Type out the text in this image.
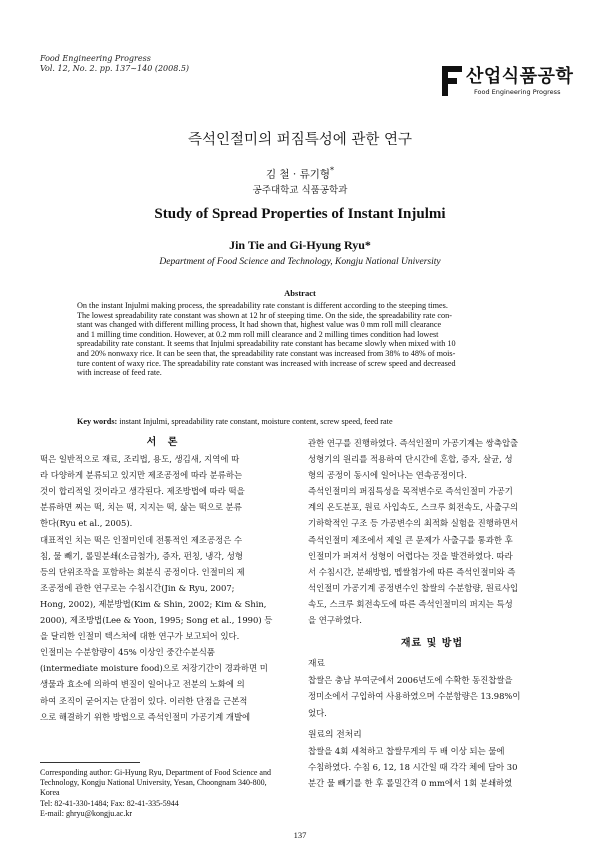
Food Engineering Progress
Vol. 12, No. 2. pp. 137~140 (2008.5)	산업식품공학
Food Engineering Progress
즉석인절미의 퍼짐특성에 관한 연구
김 철 · 류기형*
공주대학교 식품공학과
Study of Spread Properties of Instant Injulmi
Jin Tie and Gi-Hyung Ryu*
Department of Food Science and Technology, Kongju National University
Abstract
On the instant Injulmi making process, the spreadability rate constant is different according to the steeping times.
The lowest spreadability rate constant was shown at 12 hr of steeping time. On the side, the spreadability rate con-
stant was changed with different milling process, It had shown that, highest value was 0 mm roll mill clearance
and 1 milling time condition. However, at 0.2 mm roll mill clearance and 2 milling times condition had lowest
spreadability rate constant. It seems that Injulmi spreadability rate constant has became slowly when mixed with 10
and 20% nonwaxy rice. It can be seen that, the spreadability rate constant was increased from 38% to 48% of mois-
ture content of waxy rice. The spreadability rate constant was increased with increase of screw speed and decreased
with increase of feed rate.
Key words: instant Injulmi, spreadability rate constant, moisture content, screw speed, feed rate
서 론

떡은 일반적으로 재료, 조리법, 용도, 생김새, 지역에 따

라 다양하게 분류되고 있지만 제조공정에 따라 분류하는

것이 합리적일 것이라고 생각된다. 제조방법에 따라 떡을

분류하면 찌는 떡, 치는 떡, 지지는 떡, 삶는 떡으로 분류

한다(Ryu et al., 2005).

대표적인 치는 떡은 인절미인데 전통적인 제조공정은 수

침, 물 빼기, 롤밀분쇄(소금첨가), 증자, 펀칭, 냉각, 성형

등의 단위조작을 포함하는 회분식 공정이다. 인절미의 제

조공정에 관한 연구로는 수침시간(Jin & Ryu, 2007;

Hong, 2002), 제분방법(Kim & Shin, 2002; Kim & Shin,

2000), 제조방법(Lee & Yoon, 1995; Song et al., 1990) 등

을 달리한 인절미 텍스쳐에 대한 연구가 보고되어 있다.

인절미는 수분함량이 45% 이상인 중간수분식품

(intermediate moisture food)으로 저장기간이 경과하면 미

생물과 효소에 의하여 변질이 일어나고 전분의 노화에 의

하여 조직이 굳어지는 단점이 있다. 이러한 단점을 근본적

으로 해결하기 위한 방법으로 즉석인절미 가공기계 개발에

관한 연구를 진행하였다. 즉석인절미 가공기계는 쌍축압출

성형기의 원리를 적용하여 단시간에 혼합, 증자, 살균, 성

형의 공정이 동시에 일어나는 연속공정이다.

즉석인절미의 퍼짐특성을 목적변수로 즉석인절미 가공기

계의 온도분포, 원료 사입속도, 스크루 회전속도, 사출구의

기하학적인 구조 등 가공변수의 최적화 실험을 진행하면서

즉석인절미 제조에서 제일 큰 문제가 사출구를 통과한 후

인절미가 퍼져서 성형이 어렵다는 것을 발견하였다. 따라

서 수침시간, 분쇄방법, 멥쌀첨가에 따른 즉석인절미와 즉

석인절미 가공기계 공정변수인 찹쌀의 수분함량, 원료사입

속도, 스크루 회전속도에 따른 즉석인절미의 퍼지는 특성

을 연구하였다.

재료 및 방법
재료

찹쌀은 충남 부여군에서 2006년도에 수확한 동진찹쌀을

정미소에서 구입하여 사용하였으며 수분함량은 13.98%이

었다.

원료의 전처리

찹쌀을 4회 세척하고 찹쌀무게의 두 배 이상 되는 물에

수침하였다. 수침 6, 12, 18 시간일 때 각각 체에 담아 30

분간 물 빼기를 한 후 롤밀간격 0 mm에서 1회 분쇄하였

Corresponding author: Gi-Hyung Ryu, Department of Food Science and
Technology, Kongju National University, Yesan, Choongnam 340-800,
Korea
Tel: 82-41-330-1484; Fax: 82-41-335-5944
E-mail: ghryu@kongju.ac.kr
137
